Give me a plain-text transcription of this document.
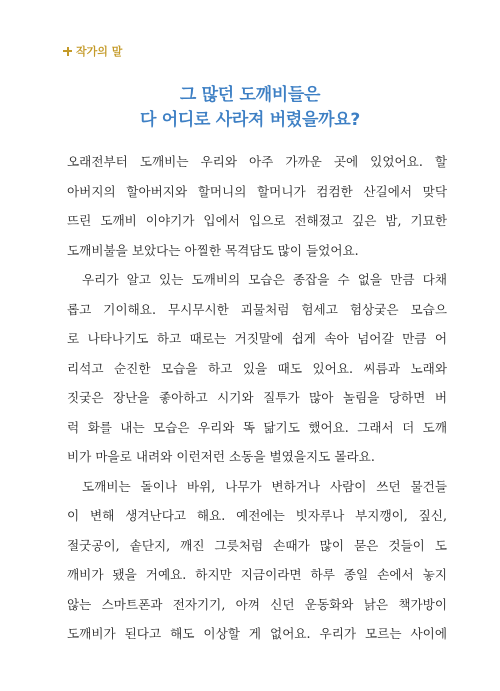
작가의 말
그 많던 도깨비들은
다 어디로 사라져 버렸을까요?
오래전부터 도깨비는 우리와 아주 가까운 곳에 있었어요. 할
아버지의 할아버지와 할머니의 할머니가 컴컴한 산길에서 맞닥
뜨린 도깨비 이야기가 입에서 입으로 전해졌고 깊은 밤, 기묘한
도깨비불을 보았다는 아찔한 목격담도 많이 들었어요.
우리가 알고 있는 도깨비의 모습은 종잡을 수 없을 만큼 다채
롭고 기이해요. 무시무시한 괴물처럼 험세고 험상궂은 모습으
로 나타나기도 하고 때로는 거짓말에 쉽게 속아 넘어갈 만큼 어
리석고 순진한 모습을 하고 있을 때도 있어요. 씨름과 노래와
짓궂은 장난을 좋아하고 시기와 질투가 많아 놀림을 당하면 버
럭 화를 내는 모습은 우리와 똑 닮기도 했어요. 그래서 더 도깨
비가 마을로 내려와 이런저런 소동을 벌였을지도 몰라요.
도깨비는 돌이나 바위, 나무가 변하거나 사람이 쓰던 물건들
이 변해 생겨난다고 해요. 예전에는 빗자루나 부지깽이, 짚신,
절굿공이, 솥단지, 깨진 그릇처럼 손때가 많이 묻은 것들이 도
깨비가 됐을 거예요. 하지만 지금이라면 하루 종일 손에서 놓지
않는 스마트폰과 전자기기, 아껴 신던 운동화와 낡은 책가방이
도깨비가 된다고 해도 이상할 게 없어요. 우리가 모르는 사이에
